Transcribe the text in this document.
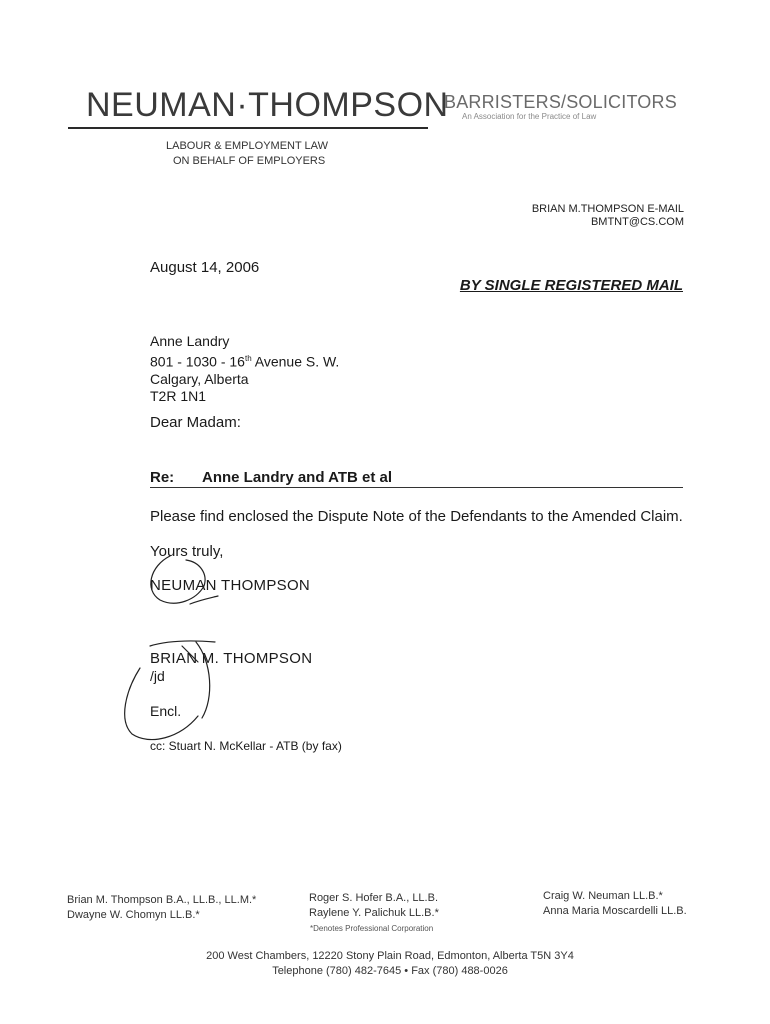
NEUMAN·THOMPSON
BARRISTERS/SOLICITORS
An Association for the Practice of Law
LABOUR & EMPLOYMENT LAW
ON BEHALF OF EMPLOYERS
BRIAN M.THOMPSON E-MAIL
BMTNT@CS.COM
August 14, 2006
BY SINGLE REGISTERED MAIL
Anne Landry
801 - 1030 - 16th Avenue S. W.
Calgary, Alberta
T2R 1N1
Dear Madam:
Re: Anne Landry and ATB et al
Please find enclosed the Dispute Note of the Defendants to the Amended Claim.
Yours truly,
NEUMAN THOMPSON
BRIAN M. THOMPSON
/jd
Encl.
cc: Stuart N. McKellar - ATB (by fax)
Brian M. Thompson B.A., LL.B., LL.M.*
Dwayne W. Chomyn LL.B.*
Roger S. Hofer B.A., LL.B.
Raylene Y. Palichuk LL.B.*
Craig W. Neuman LL.B.*
Anna Maria Moscardelli LL.B.
*Denotes Professional Corporation
200 West Chambers, 12220 Stony Plain Road, Edmonton, Alberta T5N 3Y4
Telephone (780) 482-7645 • Fax (780) 488-0026
